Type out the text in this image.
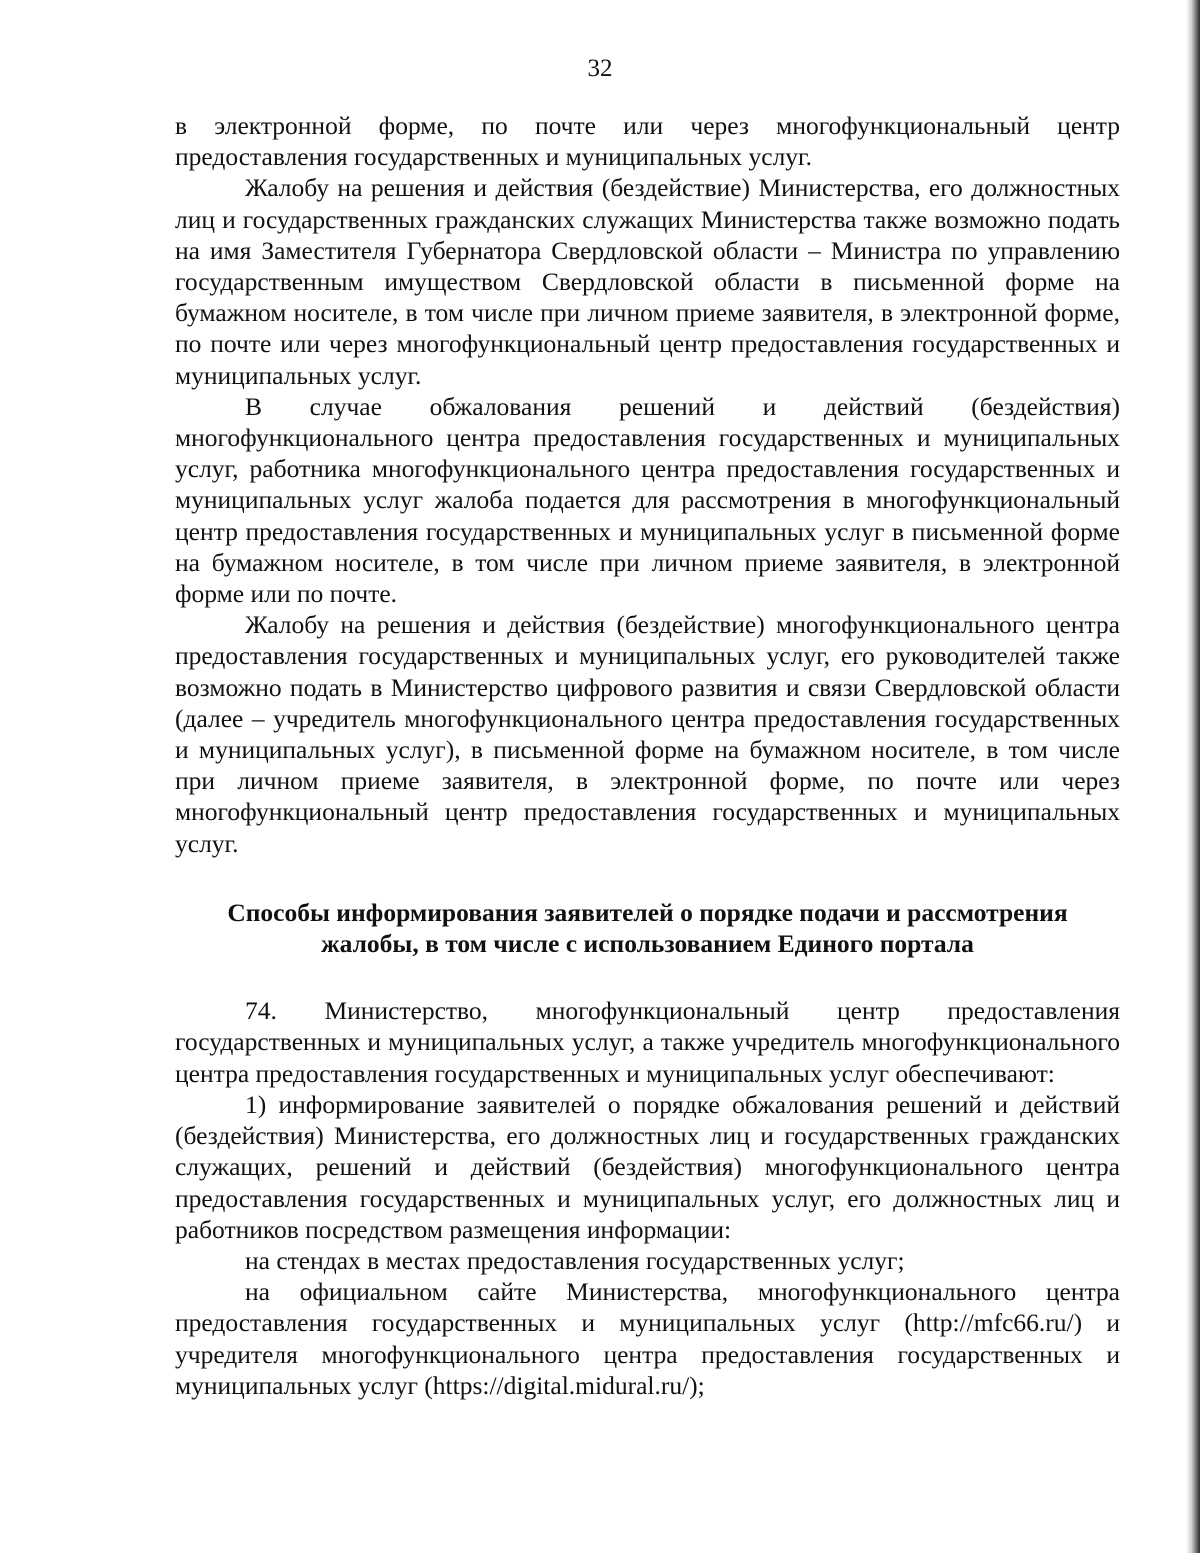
32

в электронной форме, по почте или через многофункциональный центр предоставления государственных и муниципальных услуг.

Жалобу на решения и действия (бездействие) Министерства, его должностных лиц и государственных гражданских служащих Министерства также возможно подать на имя Заместителя Губернатора Свердловской области – Министра по управлению государственным имуществом Свердловской области в письменной форме на бумажном носителе, в том числе при личном приеме заявителя, в электронной форме, по почте или через многофункциональный центр предоставления государственных и муниципальных услуг.

В случае обжалования решений и действий (бездействия) многофункционального центра предоставления государственных и муниципальных услуг, работника многофункционального центра предоставления государственных и муниципальных услуг жалоба подается для рассмотрения в многофункциональный центр предоставления государственных и муниципальных услуг в письменной форме на бумажном носителе, в том числе при личном приеме заявителя, в электронной форме или по почте.

Жалобу на решения и действия (бездействие) многофункционального центра предоставления государственных и муниципальных услуг, его руководителей также возможно подать в Министерство цифрового развития и связи Свердловской области (далее – учредитель многофункционального центра предоставления государственных и муниципальных услуг), в письменной форме на бумажном носителе, в том числе при личном приеме заявителя, в электронной форме, по почте или через многофункциональный центр предоставления государственных и муниципальных услуг.

Способы информирования заявителей о порядке подачи и рассмотрения
жалобы, в том числе с использованием Единого портала

74. Министерство, многофункциональный центр предоставления государственных и муниципальных услуг, а также учредитель многофункционального центра предоставления государственных и муниципальных услуг обеспечивают:

1) информирование заявителей о порядке обжалования решений и действий (бездействия) Министерства, его должностных лиц и государственных гражданских служащих, решений и действий (бездействия) многофункционального центра предоставления государственных и муниципальных услуг, его должностных лиц и работников посредством размещения информации:

на стендах в местах предоставления государственных услуг;

на официальном сайте Министерства, многофункционального центра предоставления государственных и муниципальных услуг (http://mfc66.ru/) и учредителя многофункционального центра предоставления государственных и муниципальных услуг (https://digital.midural.ru/);
